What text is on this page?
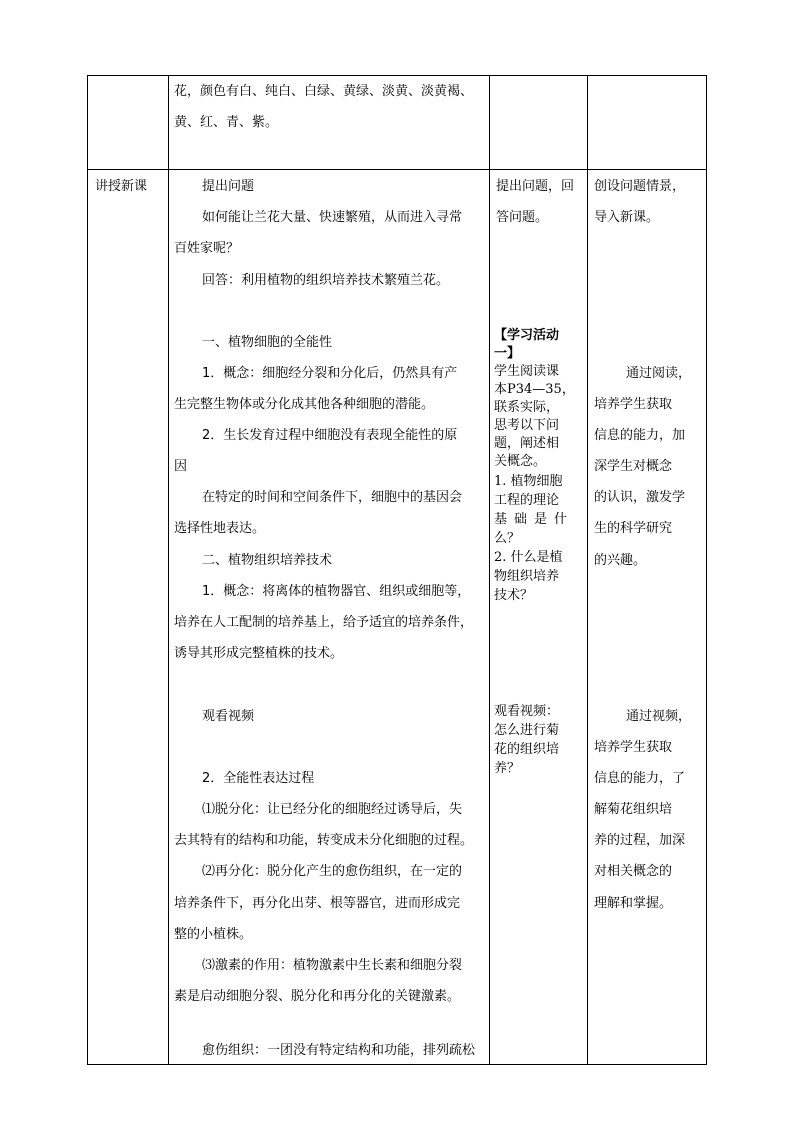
花，颜色有白、纯白、白绿、黄绿、淡黄、淡黄褐、
黄、红、青、紫。
讲授新课	提出问题
如何能让兰花大量、快速繁殖，从而进入寻常
百姓家呢？
回答：利用植物的组织培养技术繁殖兰花。
一、植物细胞的全能性
1．概念：细胞经分裂和分化后，仍然具有产
生完整生物体或分化成其他各种细胞的潜能。
2．生长发育过程中细胞没有表现全能性的原
因
在特定的时间和空间条件下，细胞中的基因会
选择性地表达。
二、植物组织培养技术
1．概念：将离体的植物器官、组织或细胞等，
培养在人工配制的培养基上，给予适宜的培养条件，
诱导其形成完整植株的技术。
观看视频
2．全能性表达过程
⑴脱分化：让已经分化的细胞经过诱导后，失
去其特有的结构和功能，转变成未分化细胞的过程。
⑵再分化：脱分化产生的愈伤组织，在一定的
培养条件下，再分化出芽、根等器官，进而形成完
整的小植株。
⑶激素的作用：植物激素中生长素和细胞分裂
素是启动细胞分裂、脱分化和再分化的关键激素。
愈伤组织：一团没有特定结构和功能，排列疏松
提出问题，回
答问题。
【学习活动
一】
学生阅读课
本P34—35，
联系实际，
思考以下问
题，阐述相
关概念。
1. 植物细胞
工程的理论
基础是什
么？
2. 什么是植
物组织培养
技术？
观看视频：
怎么进行菊
花的组织培
养？
创设问题情景，
导入新课。
通过阅读，
培养学生获取
信息的能力，加
深学生对概念
的认识，激发学
生的科学研究
的兴趣。
通过视频，
培养学生获取
信息的能力，了
解菊花组织培
养的过程，加深
对相关概念的
理解和掌握。
